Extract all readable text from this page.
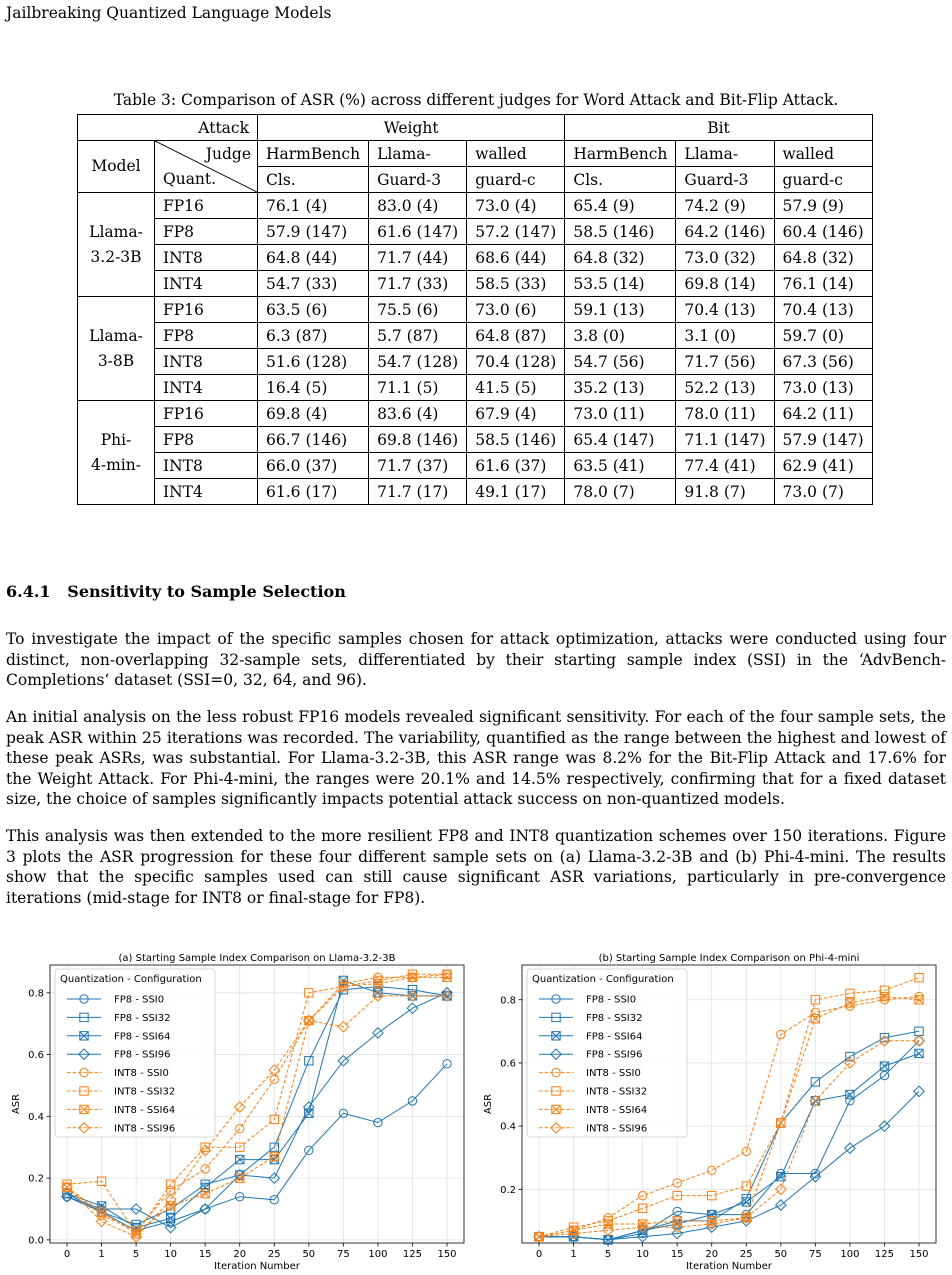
Jailbreaking Quantized Language Models
Table 3: Comparison of ASR (%) across different judges for Word Attack and Bit-Flip Attack.
Attack		Weight			Bit		
Model	Judge
Quant.	HarmBench	Llama-	walled	HarmBench	Llama-	walled
		Cls.	Guard-3	guard-c	Cls.	Guard-3	guard-c

Llama-
3.2-3B	FP16	76.1 (4)	83.0 (4)	73.0 (4)	65.4 (9)	74.2 (9)	57.9 (9)
	FP8	57.9 (147)	61.6 (147)	57.2 (147)	58.5 (146)	64.2 (146)	60.4 (146)
	INT8	64.8 (44)	71.7 (44)	68.6 (44)	64.8 (32)	73.0 (32)	64.8 (32)
	INT4	54.7 (33)	71.7 (33)	58.5 (33)	53.5 (14)	69.8 (14)	76.1 (14)

Llama-
3-8B	FP16	63.5 (6)	75.5 (6)	73.0 (6)	59.1 (13)	70.4 (13)	70.4 (13)
	FP8	6.3 (87)	5.7 (87)	64.8 (87)	3.8 (0)	3.1 (0)	59.7 (0)
	INT8	51.6 (128)	54.7 (128)	70.4 (128)	54.7 (56)	71.7 (56)	67.3 (56)
	INT4	16.4 (5)	71.1 (5)	41.5 (5)	35.2 (13)	52.2 (13)	73.0 (13)

Phi-
4-min-	FP16	69.8 (4)	83.6 (4)	67.9 (4)	73.0 (11)	78.0 (11)	64.2 (11)
	FP8	66.7 (146)	69.8 (146)	58.5 (146)	65.4 (147)	71.1 (147)	57.9 (147)
	INT8	66.0 (37)	71.7 (37)	61.6 (37)	63.5 (41)	77.4 (41)	62.9 (41)
	INT4	61.6 (17)	71.7 (17)	49.1 (17)	78.0 (7)	91.8 (7)	73.0 (7)
6.4.1 Sensitivity to Sample Selection
To investigate the impact of the specific samples chosen for attack optimization, attacks were conducted using four distinct, non-overlapping 32-sample sets, differentiated by their starting sample index (SSI) in the ‘AdvBench-Completions‘ dataset (SSI=0, 32, 64, and 96).
An initial analysis on the less robust FP16 models revealed significant sensitivity. For each of the four sample sets, the peak ASR within 25 iterations was recorded. The variability, quantified as the range between the highest and lowest of these peak ASRs, was substantial. For Llama-3.2-3B, this ASR range was 8.2% for the Bit-Flip Attack and 17.6% for the Weight Attack. For Phi-4-mini, the ranges were 20.1% and 14.5% respectively, confirming that for a fixed dataset size, the choice of samples significantly impacts potential attack success on non-quantized models.
This analysis was then extended to the more resilient FP8 and INT8 quantization schemes over 150 iterations. Figure 3 plots the ASR progression for these four different sample sets on (a) Llama-3.2-3B and (b) Phi-4-mini. The results show that the specific samples used can still cause significant ASR variations, particularly in pre-convergence iterations (mid-stage for INT8 or final-stage for FP8).
(a) Starting Sample Index Comparison on Llama-3.2-3B
0	1	5 10 15 20 25 50 75 100 125 150
0.0
0.2
0.4
0.6
0.8
Iteration Number
ASR
Quantization - Configuration
FP8 - SSI0
FP8 - SSI32
FP8 - SSI64
FP8 - SSI96
INT8 - SSI0
INT8 - SSI32
INT8 - SSI64
INT8 - SSI96
(b) Starting Sample Index Comparison on Phi-4-mini
0	1	5 10 15 20 25 50 75 100 125 150
0.2
0.4
0.6
0.8
Iteration Number
ASR
Quantization - Configuration
FP8 - SSI0
FP8 - SSI32
FP8 - SSI64
FP8 - SSI96
INT8 - SSI0
INT8 - SSI32
INT8 - SSI64
INT8 - SSI96
